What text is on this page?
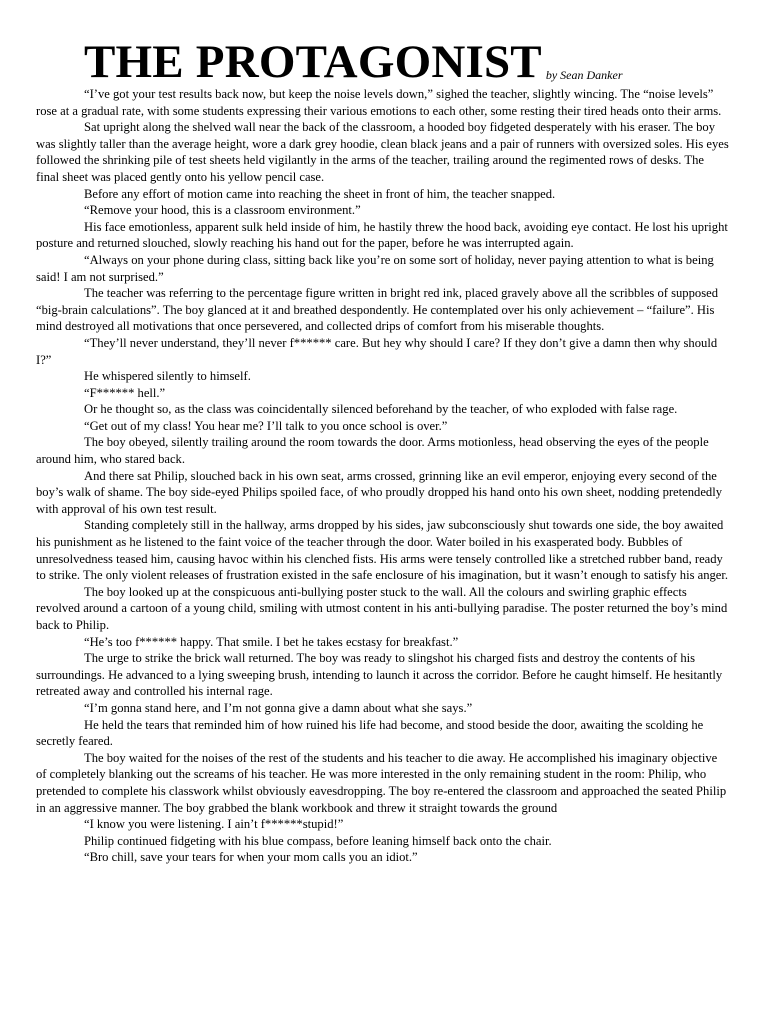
THE PROTAGONIST by Sean Danker

“I’ve got your test results back now, but keep the noise levels down,” sighed the teacher, slightly wincing. The “noise levels” rose at a gradual rate, with some students expressing their various emotions to each other, some resting their tired heads onto their arms.

Sat upright along the shelved wall near the back of the classroom, a hooded boy fidgeted desperately with his eraser. The boy was slightly taller than the average height, wore a dark grey hoodie, clean black jeans and a pair of runners with oversized soles. His eyes followed the shrinking pile of test sheets held vigilantly in the arms of the teacher, trailing around the regimented rows of desks. The final sheet was placed gently onto his yellow pencil case.

Before any effort of motion came into reaching the sheet in front of him, the teacher snapped.

“Remove your hood, this is a classroom environment.”

His face emotionless, apparent sulk held inside of him, he hastily threw the hood back, avoiding eye contact. He lost his upright posture and returned slouched, slowly reaching his hand out for the paper, before he was interrupted again.

“Always on your phone during class, sitting back like you’re on some sort of holiday, never paying attention to what is being said! I am not surprised.”

The teacher was referring to the percentage figure written in bright red ink, placed gravely above all the scribbles of supposed “big-brain calculations”. The boy glanced at it and breathed despondently. He contemplated over his only achievement – “failure”. His mind destroyed all motivations that once persevered, and collected drips of comfort from his miserable thoughts.

“They’ll never understand, they’ll never f****** care. But hey why should I care? If they don’t give a damn then why should I?”

He whispered silently to himself.

“F****** hell.”

Or he thought so, as the class was coincidentally silenced beforehand by the teacher, of who exploded with false rage.

“Get out of my class! You hear me? I’ll talk to you once school is over.”

The boy obeyed, silently trailing around the room towards the door. Arms motionless, head observing the eyes of the people around him, who stared back.

And there sat Philip, slouched back in his own seat, arms crossed, grinning like an evil emperor, enjoying every second of the boy’s walk of shame. The boy side-eyed Philips spoiled face, of who proudly dropped his hand onto his own sheet, nodding pretendedly with approval of his own test result.

Standing completely still in the hallway, arms dropped by his sides, jaw subconsciously shut towards one side, the boy awaited his punishment as he listened to the faint voice of the teacher through the door. Water boiled in his exasperated body. Bubbles of unresolvedness teased him, causing havoc within his clenched fists. His arms were tensely controlled like a stretched rubber band, ready to strike. The only violent releases of frustration existed in the safe enclosure of his imagination, but it wasn’t enough to satisfy his anger.

The boy looked up at the conspicuous anti-bullying poster stuck to the wall. All the colours and swirling graphic effects revolved around a cartoon of a young child, smiling with utmost content in his anti-bullying paradise. The poster returned the boy’s mind back to Philip.

“He’s too f****** happy. That smile. I bet he takes ecstasy for breakfast.”

The urge to strike the brick wall returned. The boy was ready to slingshot his charged fists and destroy the contents of his surroundings. He advanced to a lying sweeping brush, intending to launch it across the corridor. Before he caught himself. He hesitantly retreated away and controlled his internal rage.

“I’m gonna stand here, and I’m not gonna give a damn about what she says.”

He held the tears that reminded him of how ruined his life had become, and stood beside the door, awaiting the scolding he secretly feared.

The boy waited for the noises of the rest of the students and his teacher to die away. He accomplished his imaginary objective of completely blanking out the screams of his teacher. He was more interested in the only remaining student in the room: Philip, who pretended to complete his classwork whilst obviously eavesdropping. The boy re-entered the classroom and approached the seated Philip in an aggressive manner. The boy grabbed the blank workbook and threw it straight towards the ground

“I know you were listening. I ain’t f******stupid!”

Philip continued fidgeting with his blue compass, before leaning himself back onto the chair.

“Bro chill, save your tears for when your mom calls you an idiot.”
